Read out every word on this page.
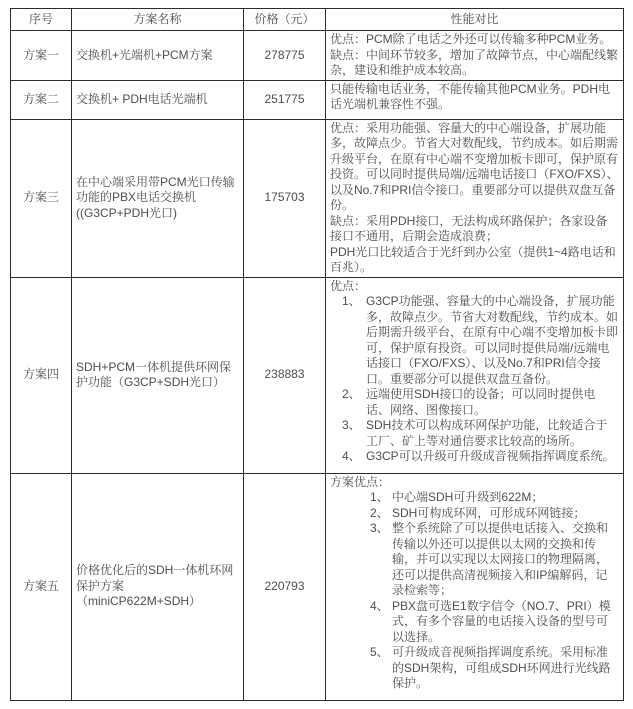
序号	方案名称	价格（元）	性能对比
方案一	交换机+光端机+PCM方案	278775	优点：PCM除了电话之外还可以传输多种PCM业务。

缺点：中间环节较多，增加了故障节点，中心端配线繁杂，建设和维护成本较高。

方案二	交换机+ PDH电话光端机	251775	只能传输电话业务，不能传输其他PCM业务。PDH电话光端机兼容性不强。

方案三	在中心端采用带PCM光口传输功能的PBX电话交换机((G3CP+PDH光口)	175703	优点：采用功能强、容量大的中心端设备，扩展功能多，故障点少。节省大对数配线，节约成本。如后期需升级平台，在原有中心端不变增加板卡即可，保护原有投资。可以同时提供局端/远端电话接口（FXO/FXS）、以及No.7和PRI信令接口。重要部分可以提供双盘互备份。

缺点：采用PDH接口，无法构成环路保护；各家设备接口不通用，后期会造成浪费；

PDH光口比较适合于光纤到办公室（提供1~4路电话和百兆）。

方案四	SDH+PCM一体机提供环网保护功能（G3CP+SDH光口）	238883	

优点：

1、 G3CP功能强、容量大的中心端设备，扩展功能多，故障点少。节省大对数配线，节约成本。如后期需升级平台，在原有中心端不变增加板卡即可，保护原有投资。可以同时提供局端/远端电话接口（FXO/FXS）、以及No.7和PRI信令接口。重要部分可以提供双盘互备份。
2、 远端使用SDH接口的设备；可以同时提供电话、网络、图像接口。
3、 SDH技术可以构成环网保护功能，比较适合于工厂、矿上等对通信要求比较高的场所。
4、 G3CP可以升级可升级成音视频指挥调度系统。

方案五	价格优化后的SDH一体机环网保护方案（miniCP622M+SDH）	220793	

方案优点：

1、 中心端SDH可升级到622M；
2、 SDH可构成环网，可形成环网链接；
3、 整个系统除了可以提供电话接入、交换和传输以外还可以提供以太网的交换和传输，并可以实现以太网接口的物理隔离，还可以提供高清视频接入和IP编解码，记录检索等；
4、 PBX盘可选E1数字信令（NO.7、PRI）模式，有多个容量的电话接入设备的型号可以选择。
5、 可升级成音视频指挥调度系统。采用标准的SDH架构，可组成SDH环网进行光线路保护。
